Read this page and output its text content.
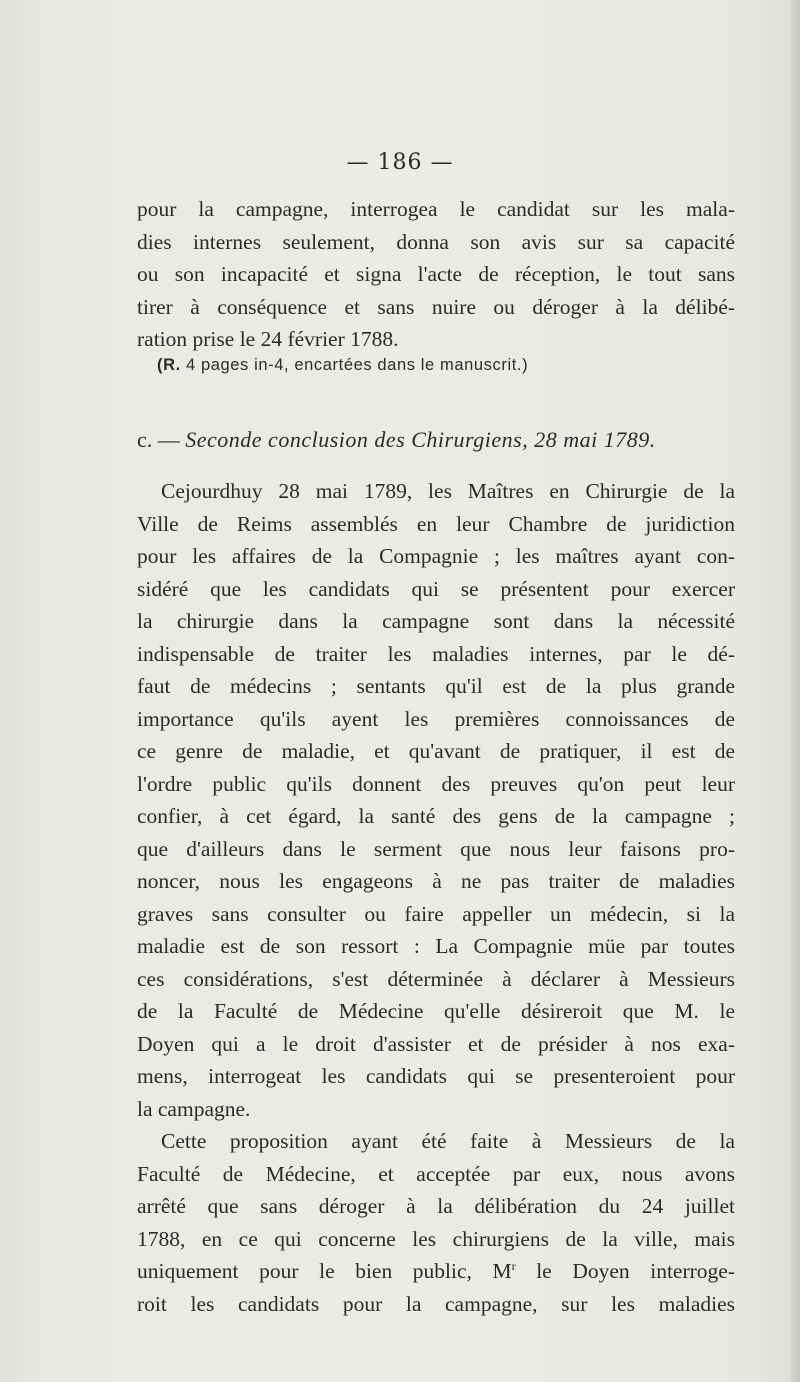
— 186 —
pour la campagne, interrogea le candidat sur les mala-
dies internes seulement, donna son avis sur sa capacité
ou son incapacité et signa l'acte de réception, le tout sans
tirer à conséquence et sans nuire ou déroger à la délibé-
ration prise le 24 février 1788.
(R. 4 pages in-4, encartées dans le manuscrit.)
c. — Seconde conclusion des Chirurgiens, 28 mai 1789.
Cejourdhuy 28 mai 1789, les Maîtres en Chirurgie de la
Ville de Reims assemblés en leur Chambre de juridiction
pour les affaires de la Compagnie ; les maîtres ayant con-
sidéré que les candidats qui se présentent pour exercer
la chirurgie dans la campagne sont dans la nécessité
indispensable de traiter les maladies internes, par le dé-
faut de médecins ; sentants qu'il est de la plus grande
importance qu'ils ayent les premières connoissances de
ce genre de maladie, et qu'avant de pratiquer, il est de
l'ordre public qu'ils donnent des preuves qu'on peut leur
confier, à cet égard, la santé des gens de la campagne ;
que d'ailleurs dans le serment que nous leur faisons pro-
noncer, nous les engageons à ne pas traiter de maladies
graves sans consulter ou faire appeller un médecin, si la
maladie est de son ressort : La Compagnie müe par toutes
ces considérations, s'est déterminée à déclarer à Messieurs
de la Faculté de Médecine qu'elle désireroit que M. le
Doyen qui a le droit d'assister et de présider à nos exa-
mens, interrogeat les candidats qui se presenteroient pour
la campagne.
Cette proposition ayant été faite à Messieurs de la
Faculté de Médecine, et acceptée par eux, nous avons
arrêté que sans déroger à la délibération du 24 juillet
1788, en ce qui concerne les chirurgiens de la ville, mais
uniquement pour le bien public, $M^r$ le Doyen interroge-
roit les candidats pour la campagne, sur les maladies
